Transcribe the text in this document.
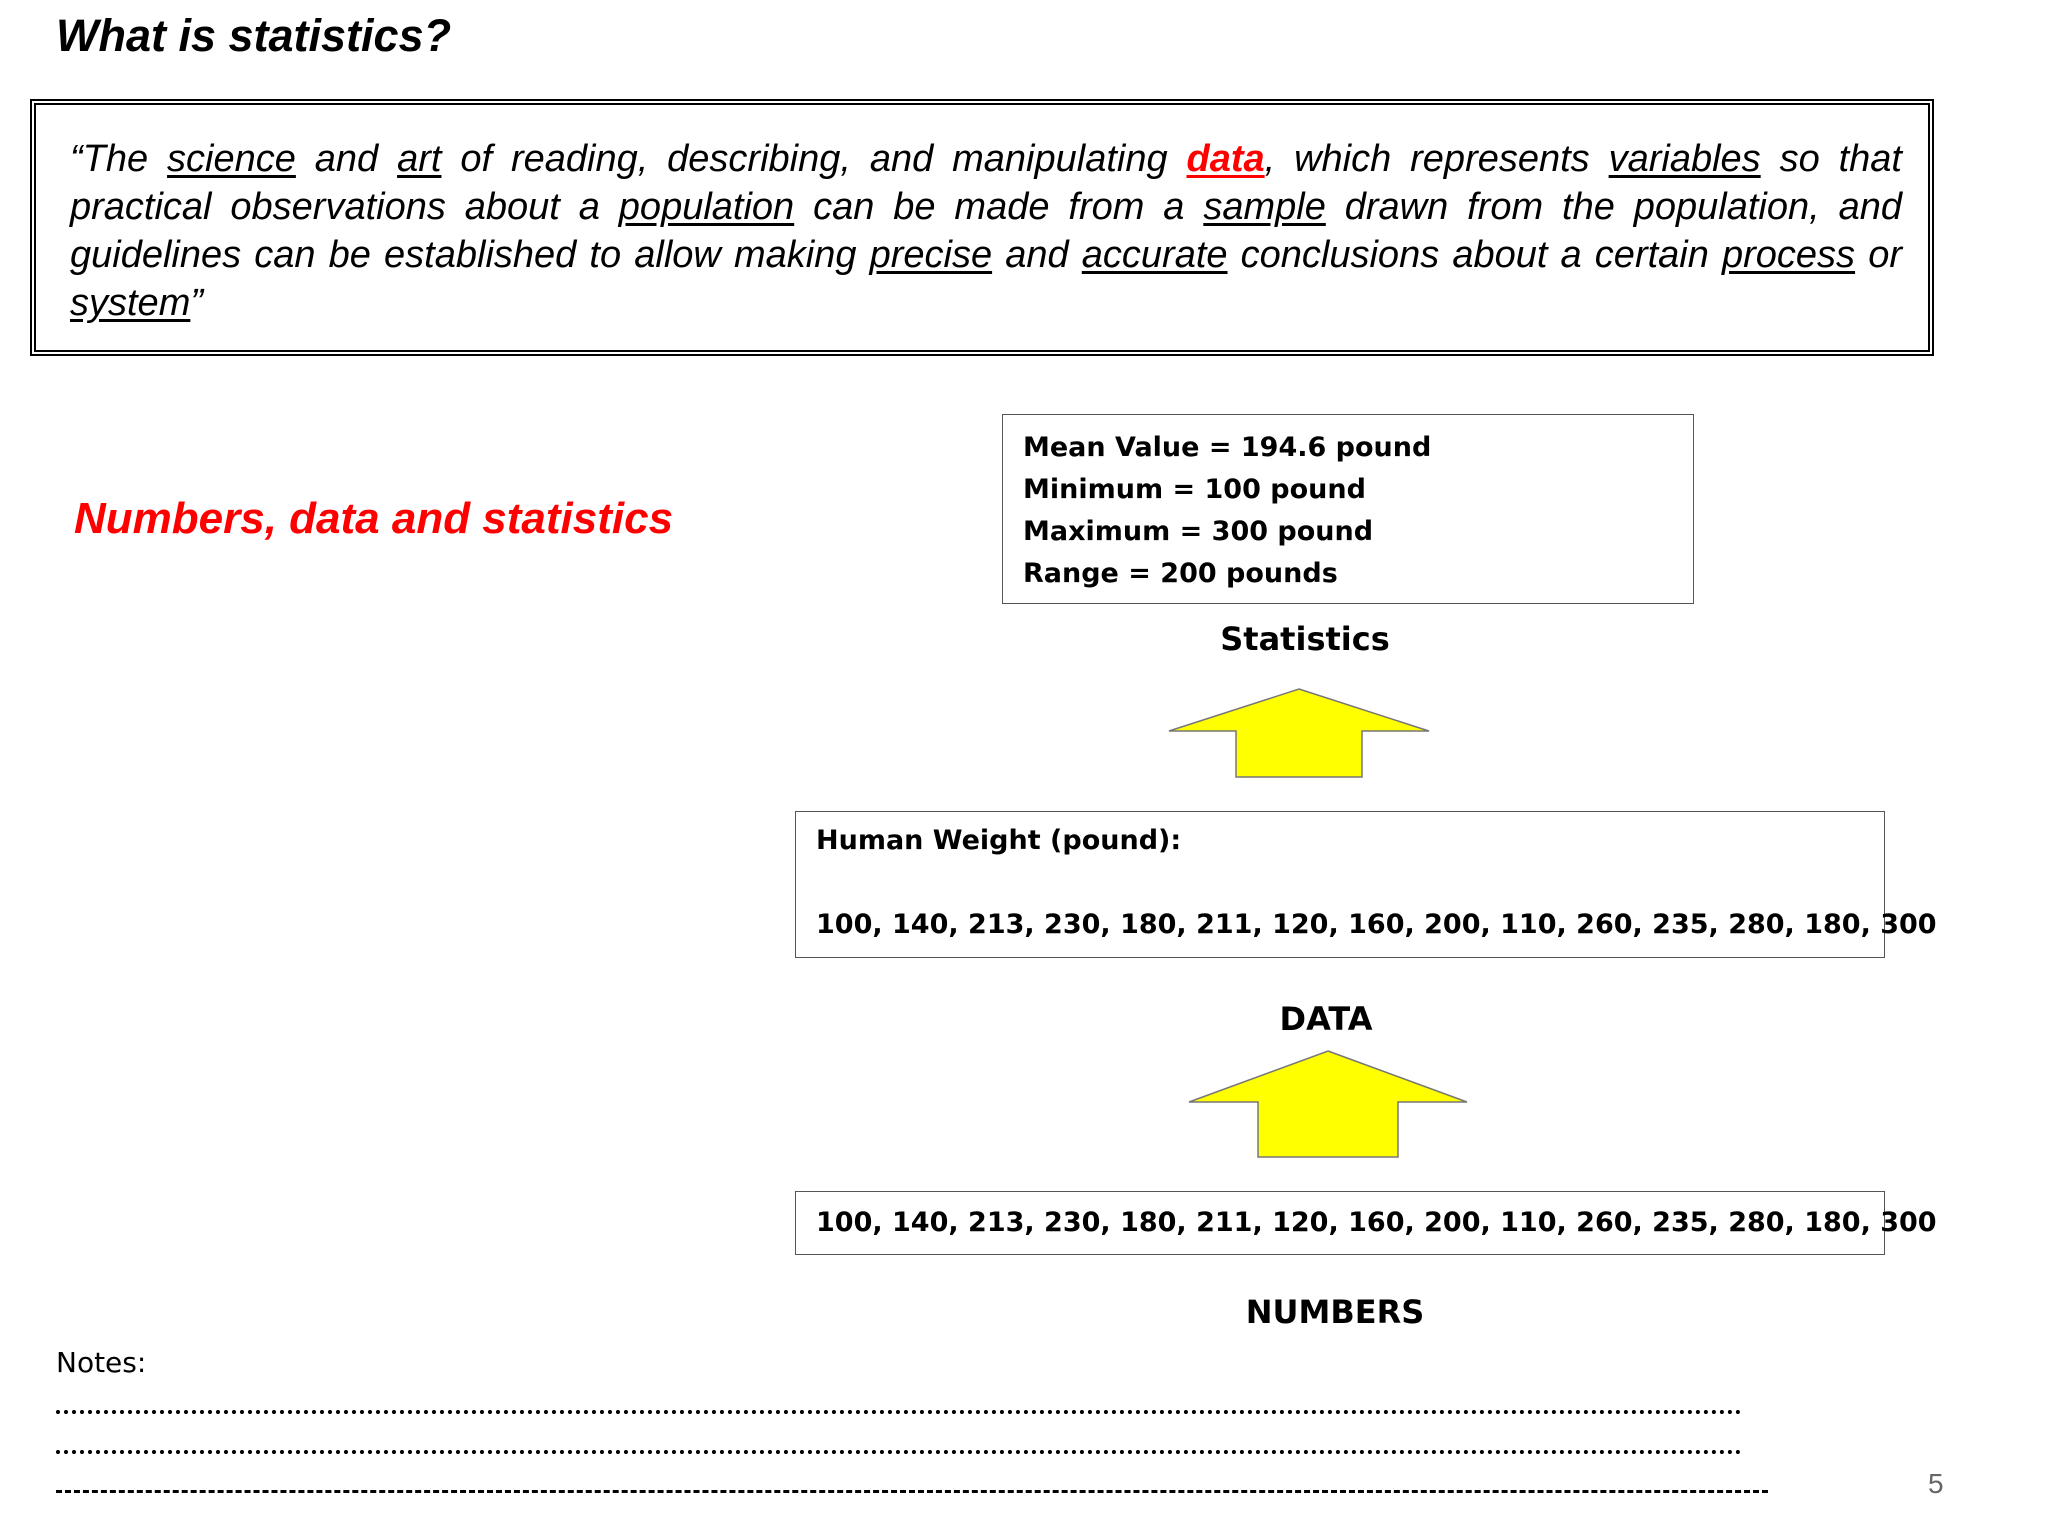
What is statistics?

“The science and art of reading, describing, and manipulating data, which represents variables so that practical observations about a population can be made from a sample drawn from the population, and guidelines can be established to allow making precise and accurate conclusions about a certain process or system”

Numbers, data and statistics
Mean Value = 194.6 pound
Minimum = 100 pound
Maximum = 300 pound
Range = 200 pounds
Statistics
Human Weight (pound):
100, 140, 213, 230, 180, 211, 120, 160, 200, 110, 260, 235, 280, 180, 300
DATA
100, 140, 213, 230, 180, 211, 120, 160, 200, 110, 260, 235, 280, 180, 300
NUMBERS

Notes:

5
